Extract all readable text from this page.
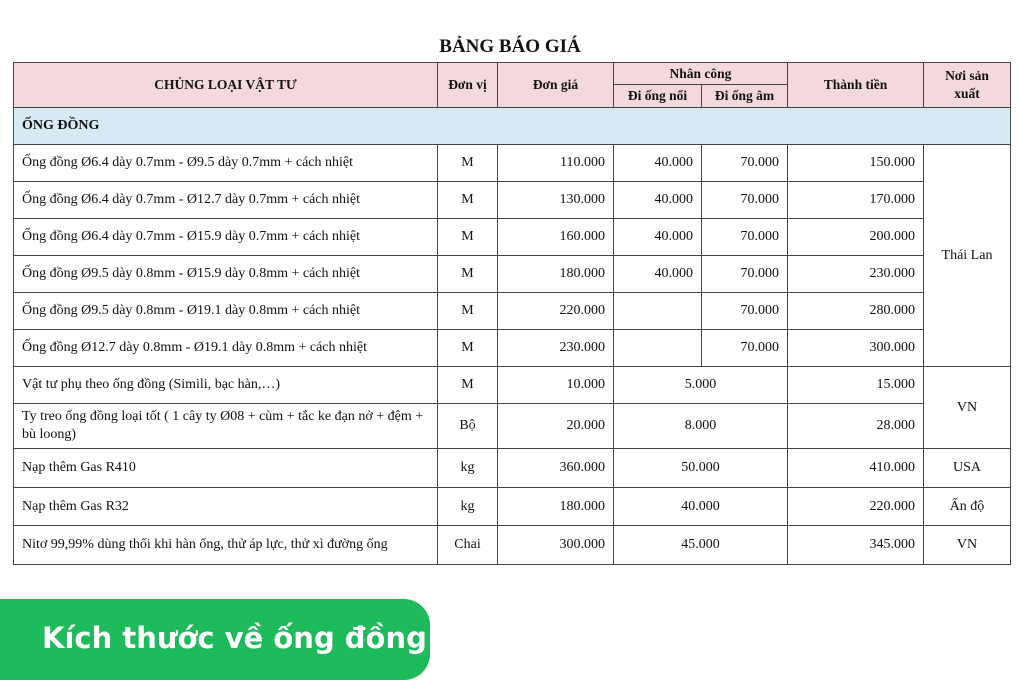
BẢNG BÁO GIÁ
CHỦNG LOẠI VẬT TƯ	Đơn vị	Đơn giá	Nhân công		Thành tiền	Nơi sản xuất
			Đi ống nổi	Đi ống âm		
ỐNG ĐỒNG						
Ống đồng Ø6.4 dày 0.7mm - Ø9.5 dày 0.7mm + cách nhiệt	M	110.000	40.000	70.000	150.000	Thái Lan
Ống đồng Ø6.4 dày 0.7mm - Ø12.7 dày 0.7mm + cách nhiệt	M	130.000	40.000	70.000	170.000	
Ống đồng Ø6.4 dày 0.7mm - Ø15.9 dày 0.7mm + cách nhiệt	M	160.000	40.000	70.000	200.000	
Ống đồng Ø9.5 dày 0.8mm - Ø15.9 dày 0.8mm + cách nhiệt	M	180.000	40.000	70.000	230.000	
Ống đồng Ø9.5 dày 0.8mm - Ø19.1 dày 0.8mm + cách nhiệt	M	220.000		70.000	280.000	
Ống đồng Ø12.7 dày 0.8mm - Ø19.1 dày 0.8mm + cách nhiệt	M	230.000		70.000	300.000	
Vật tư phụ theo ống đồng (Simili, bạc hàn,…)	M	10.000	5.000		15.000	VN
Ty treo ống đồng loại tốt ( 1 cây ty Ø08 + cùm + tắc ke đạn nở + đệm + bù loong)	Bộ	20.000	8.000		28.000	
Nạp thêm Gas R410	kg	360.000	50.000		410.000	USA
Nạp thêm Gas R32	kg	180.000	40.000		220.000	Ấn độ
Nitơ 99,99% dùng thổi khi hàn ống, thử áp lực, thử xì đường ống	Chai	300.000	45.000		345.000	VN
Kích thước về ống đồng
